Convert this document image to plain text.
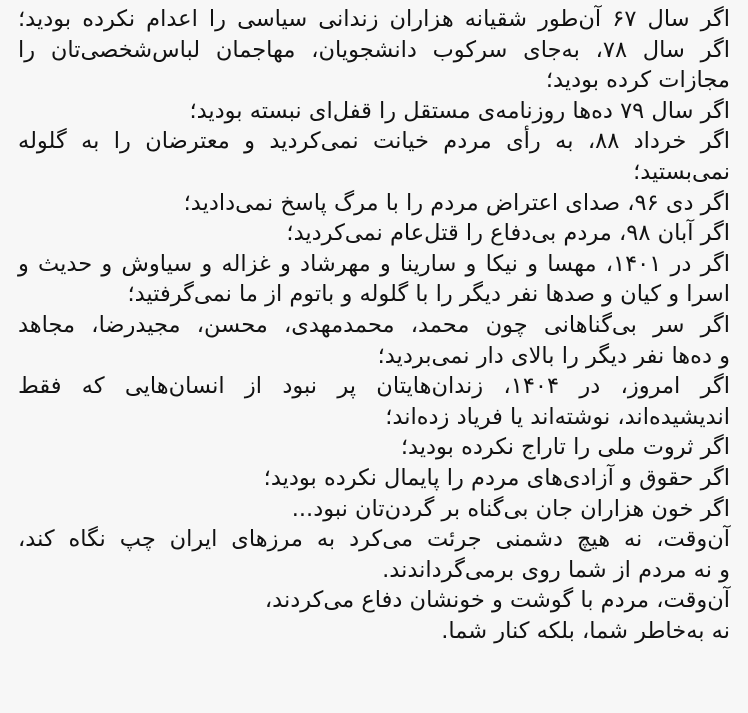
اگر سال ۶۷ آن‌طور شقیانه هزاران زندانی سیاسی را اعدام نکرده بودید؛
اگر سال ۷۸، به‌جای سرکوب دانشجویان، مهاجمان لباس‌شخصی‌تان را
مجازات کرده بودید؛
اگر سال ۷۹ ده‌ها روزنامه‌ی مستقل را قفل‌ای نبسته بودید؛
اگر خرداد ۸۸، به رأی مردم خیانت نمی‌کردید و معترضان را به گلوله
نمی‌بستید؛
اگر دی ۹۶، صدای اعتراض مردم را با مرگ پاسخ نمی‌دادید؛
اگر آبان ۹۸، مردم بی‌دفاع را قتل‌عام نمی‌کردید؛
اگر در ۱۴۰۱، مهسا و نیکا و سارینا و مهرشاد و غزاله و سیاوش و حدیث و
اسرا و کیان و صدها نفر دیگر را با گلوله و باتوم از ما نمی‌گرفتید؛
اگر سر بی‌گناهانی چون محمد، محمدمهدی، محسن، مجیدرضا، مجاهد
و ده‌ها نفر دیگر را بالای دار نمی‌بردید؛
اگر امروز، در ۱۴۰۴، زندان‌هایتان پر نبود از انسان‌هایی که فقط
اندیشیده‌اند، نوشته‌اند یا فریاد زده‌اند؛
اگر ثروت ملی را تاراج نکرده بودید؛
اگر حقوق و آزادی‌های مردم را پایمال نکرده بودید؛
اگر خون هزاران جان بی‌گناه بر گردن‌تان نبود...
آن‌وقت، نه هیچ دشمنی جرئت می‌کرد به مرزهای ایران چپ نگاه کند،
و نه مردم از شما روی برمی‌گرداندند.
آن‌وقت، مردم با گوشت و خونشان دفاع می‌کردند،
نه به‌خاطر شما، بلکه کنار شما.
